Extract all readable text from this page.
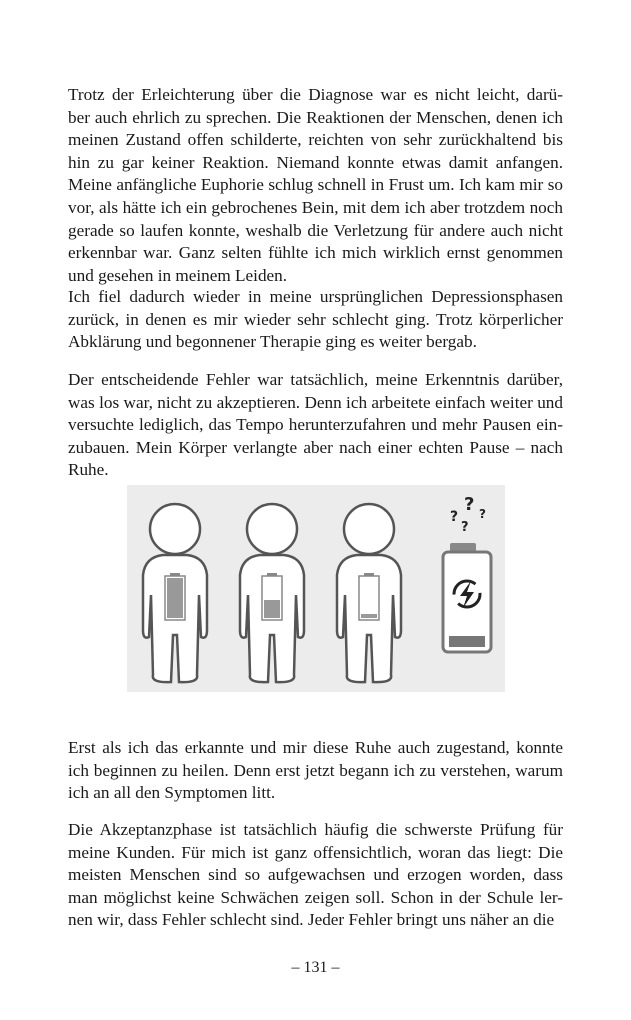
Trotz der Erleichterung über die Diagnose war es nicht leicht, darü-
ber auch ehrlich zu sprechen. Die Reaktionen der Menschen, denen ich
meinen Zustand offen schilderte, reichten von sehr zurückhaltend bis
hin zu gar keiner Reaktion. Niemand konnte etwas damit anfangen.
Meine anfängliche Euphorie schlug schnell in Frust um. Ich kam mir so
vor, als hätte ich ein gebrochenes Bein, mit dem ich aber trotzdem noch
gerade so laufen konnte, weshalb die Verletzung für andere auch nicht
erkennbar war. Ganz selten fühlte ich mich wirklich ernst genommen
und gesehen in meinem Leiden.
Ich fiel dadurch wieder in meine ursprünglichen Depressionsphasen
zurück, in denen es mir wieder sehr schlecht ging. Trotz körperlicher
Abklärung und begonnener Therapie ging es weiter bergab.
Der entscheidende Fehler war tatsächlich, meine Erkenntnis darüber,
was los war, nicht zu akzeptieren. Denn ich arbeitete einfach weiter und
versuchte lediglich, das Tempo herunterzufahren und mehr Pausen ein-
zubauen. Mein Körper verlangte aber nach einer echten Pause – nach
Ruhe.
?
?
?
?
Erst als ich das erkannte und mir diese Ruhe auch zugestand, konnte
ich beginnen zu heilen. Denn erst jetzt begann ich zu verstehen, warum
ich an all den Symptomen litt.
Die Akzeptanzphase ist tatsächlich häufig die schwerste Prüfung für
meine Kunden. Für mich ist ganz offensichtlich, woran das liegt: Die
meisten Menschen sind so aufgewachsen und erzogen worden, dass
man möglichst keine Schwächen zeigen soll. Schon in der Schule ler-
nen wir, dass Fehler schlecht sind. Jeder Fehler bringt uns näher an die
– 131 –
